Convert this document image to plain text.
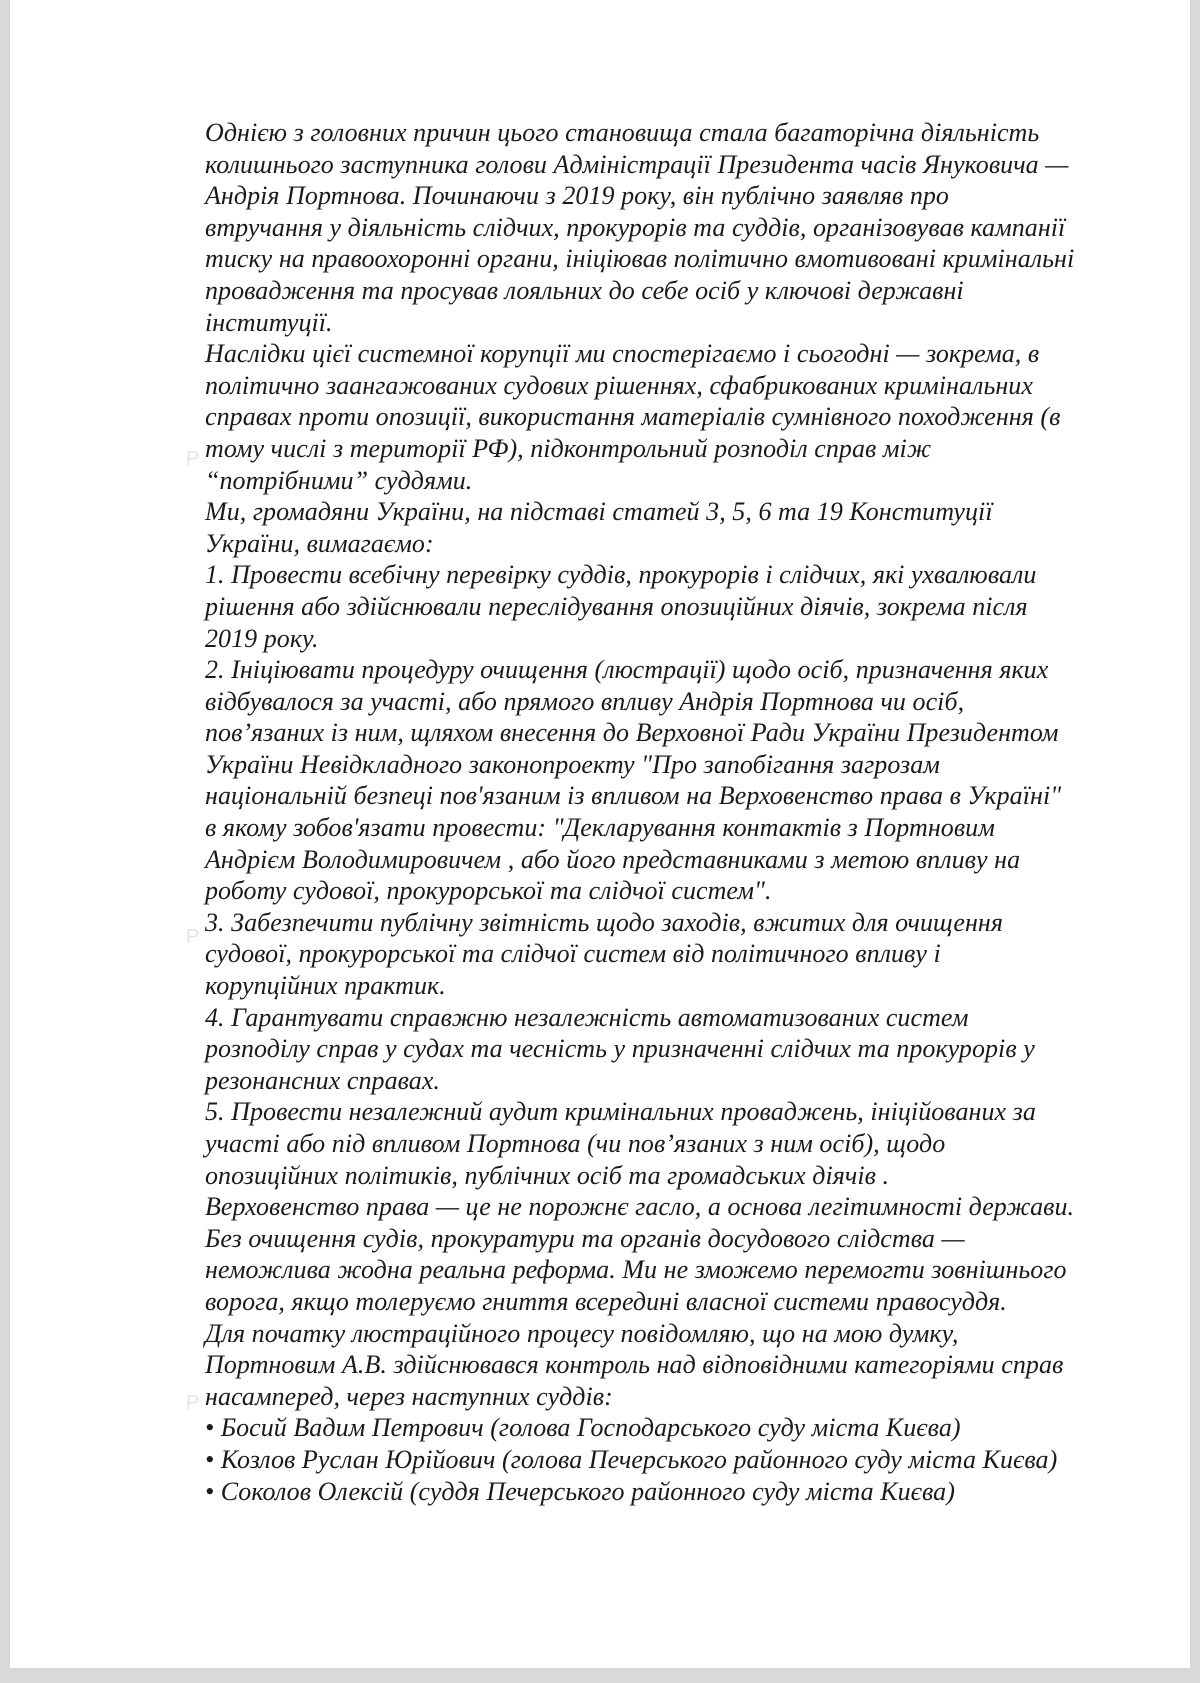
P
P
P
Однією з головних причин цього становища стала багаторічна діяльність
колишнього заступника голови Адміністрації Президента часів Януковича —
Андрія Портнова. Починаючи з 2019 року, він публічно заявляв про
втручання у діяльність слідчих, прокурорів та суддів, організовував кампанії
тиску на правоохоронні органи, ініціював політично вмотивовані кримінальні
провадження та просував лояльних до себе осіб у ключові державні
інституції.
Наслідки цієї системної корупції ми спостерігаємо і сьогодні — зокрема, в
політично заангажованих судових рішеннях, сфабрикованих кримінальних
справах проти опозиції, використання матеріалів сумнівного походження (в
тому числі з території РФ), підконтрольний розподіл справ між
“потрібними” суддями.
Ми, громадяни України, на підставі статей 3, 5, 6 та 19 Конституції
України, вимагаємо:
1. Провести всебічну перевірку суддів, прокурорів і слідчих, які ухвалювали
рішення або здійснювали переслідування опозиційних діячів, зокрема після
2019 року.
2. Ініціювати процедуру очищення (люстрації) щодо осіб, призначення яких
відбувалося за участі, або прямого впливу Андрія Портнова чи осіб,
пов’язаних із ним, щляхом внесення до Верховної Ради України Президентом
України Невідкладного законопроекту "Про запобігання загрозам
національній безпеці пов'язаним із впливом на Верховенство права в Україні"
в якому зобов'язати провести: "Декларування контактів з Портновим
Андрієм Володимировичем , або його представниками з метою впливу на
роботу судової, прокурорської та слідчої систем".
3. Забезпечити публічну звітність щодо заходів, вжитих для очищення
судової, прокурорської та слідчої систем від політичного впливу і
корупційних практик.
4. Гарантувати справжню незалежність автоматизованих систем
розподілу справ у судах та чесність у призначенні слідчих та прокурорів у
резонансних справах.
5. Провести незалежний аудит кримінальних проваджень, ініційованих за
участі або під впливом Портнова (чи пов’язаних з ним осіб), щодо
опозиційних політиків, публічних осіб та громадських діячів .
Верховенство права — це не порожнє гасло, а основа легітимності держави.
Без очищення судів, прокуратури та органів досудового слідства —
неможлива жодна реальна реформа. Ми не зможемо перемогти зовнішнього
ворога, якщо толеруємо гниття всередині власної системи правосуддя.
Для початку люстраційного процесу повідомляю, що на мою думку,
Портновим А.В. здійснювався контроль над відповідними категоріями справ
насамперед, через наступних суддів:
• Босий Вадим Петрович (голова Господарського суду міста Києва)
• Козлов Руслан Юрійович (голова Печерського районного суду міста Києва)
• Соколов Олексій (суддя Печерського районного суду міста Києва)
